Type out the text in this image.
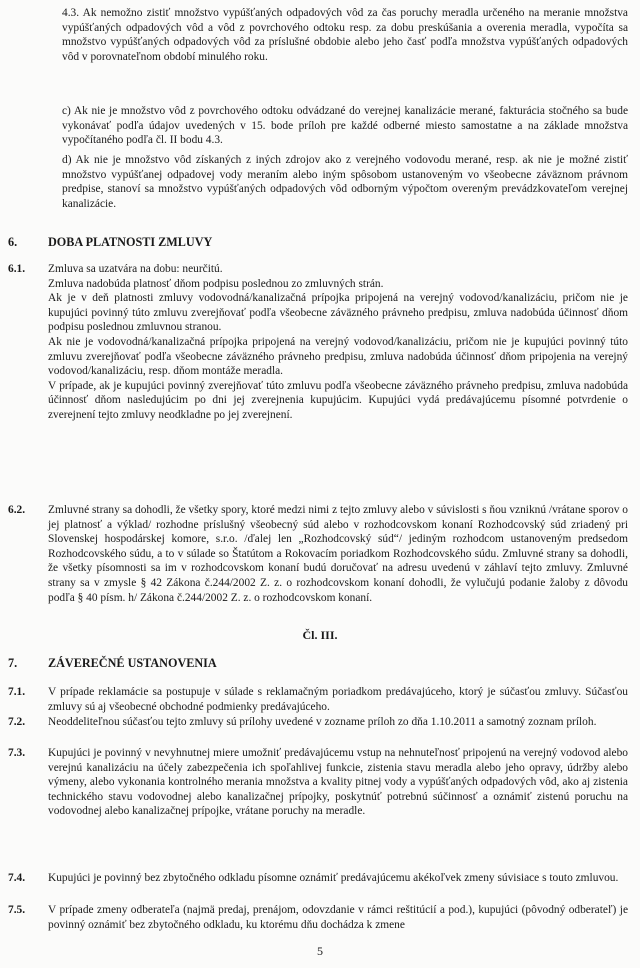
4.3. Ak nemožno zistiť množstvo vypúšťaných odpadových vôd za čas poruchy meradla určeného na meranie množstva vypúšťaných odpadových vôd a vôd z povrchového odtoku resp. za dobu preskúšania a overenia meradla, vypočíta sa množstvo vypúšťaných odpadových vôd za príslušné obdobie alebo jeho časť podľa množstva vypúšťaných odpadových vôd v porovnateľnom období minulého roku.

c) Ak nie je množstvo vôd z povrchového odtoku odvádzané do verejnej kanalizácie merané, fakturácia stočného sa bude vykonávať podľa údajov uvedených v 15. bode príloh pre každé odberné miesto samostatne a na základe množstva vypočítaného podľa čl. II bodu 4.3.

d) Ak nie je množstvo vôd získaných z iných zdrojov ako z verejného vodovodu merané, resp. ak nie je možné zistiť množstvo vypúšťanej odpadovej vody meraním alebo iným spôsobom ustanoveným vo všeobecne záväznom právnom predpise, stanoví sa množstvo vypúšťaných odpadových vôd odborným výpočtom overeným prevádzkovateľom verejnej kanalizácie.

6.	DOBA PLATNOSTI ZMLUVY
6.1. Zmluva sa uzatvára na dobu: neurčitú.

Zmluva nadobúda platnosť dňom podpisu poslednou zo zmluvných strán.

Ak je v deň platnosti zmluvy vodovodná/kanalizačná prípojka pripojená na verejný vodovod/kanalizáciu, pričom nie je kupujúci povinný túto zmluvu zverejňovať podľa všeobecne záväzného právneho predpisu, zmluva nadobúda účinnosť dňom podpisu poslednou zmluvnou stranou.

Ak nie je vodovodná/kanalizačná prípojka pripojená na verejný vodovod/kanalizáciu, pričom nie je kupujúci povinný túto zmluvu zverejňovať podľa všeobecne záväzného právneho predpisu, zmluva nadobúda účinnosť dňom pripojenia na verejný vodovod/kanalizáciu, resp. dňom montáže meradla.

V prípade, ak je kupujúci povinný zverejňovať túto zmluvu podľa všeobecne záväzného právneho predpisu, zmluva nadobúda účinnosť dňom nasledujúcim po dni jej zverejnenia kupujúcim. Kupujúci vydá predávajúcemu písomné potvrdenie o zverejnení tejto zmluvy neodkladne po jej zverejnení.

6.2. Zmluvné strany sa dohodli, že všetky spory, ktoré medzi nimi z tejto zmluvy alebo v súvislosti s ňou vzniknú /vrátane sporov o jej platnosť a výklad/ rozhodne príslušný všeobecný súd alebo v rozhodcovskom konaní Rozhodcovský súd zriadený pri Slovenskej hospodárskej komore, s.r.o. /ďalej len „Rozhodcovský súd“/ jediným rozhodcom ustanoveným predsedom Rozhodcovského súdu, a to v súlade so Štatútom a Rokovacím poriadkom Rozhodcovského súdu. Zmluvné strany sa dohodli, že všetky písomnosti sa im v rozhodcovskom konaní budú doručovať na adresu uvedenú v záhlaví tejto zmluvy. Zmluvné strany sa v zmysle § 42 Zákona č.244/2002 Z. z. o rozhodcovskom konaní dohodli, že vylučujú podanie žaloby z dôvodu podľa § 40 písm. h/ Zákona č.244/2002 Z. z. o rozhodcovskom konaní.

Čl. III.
7.	ZÁVEREČNÉ USTANOVENIA
7.1. V prípade reklamácie sa postupuje v súlade s reklamačným poriadkom predávajúceho, ktorý je súčasťou zmluvy. Súčasťou zmluvy sú aj všeobecné obchodné podmienky predávajúceho.

7.2. Neoddeliteľnou súčasťou tejto zmluvy sú prílohy uvedené v zozname príloh zo dňa 1.10.2011 a samotný zoznam príloh.

7.3. Kupujúci je povinný v nevyhnutnej miere umožniť predávajúcemu vstup na nehnuteľnosť pripojenú na verejný vodovod alebo verejnú kanalizáciu na účely zabezpečenia ich spoľahlivej funkcie, zistenia stavu meradla alebo jeho opravy, údržby alebo výmeny, alebo vykonania kontrolného merania množstva a kvality pitnej vody a vypúšťaných odpadových vôd, ako aj zistenia technického stavu vodovodnej alebo kanalizačnej prípojky, poskytnúť potrebnú súčinnosť a oznámiť zistenú poruchu na vodovodnej alebo kanalizačnej prípojke, vrátane poruchy na meradle.

7.4. Kupujúci je povinný bez zbytočného odkladu písomne oznámiť predávajúcemu akékoľvek zmeny súvisiace s touto zmluvou.

7.5. V prípade zmeny odberateľa (najmä predaj, prenájom, odovzdanie v rámci reštitúcií a pod.), kupujúci (pôvodný odberateľ) je povinný oznámiť bez zbytočného odkladu, ku ktorému dňu dochádza k zmene

5
